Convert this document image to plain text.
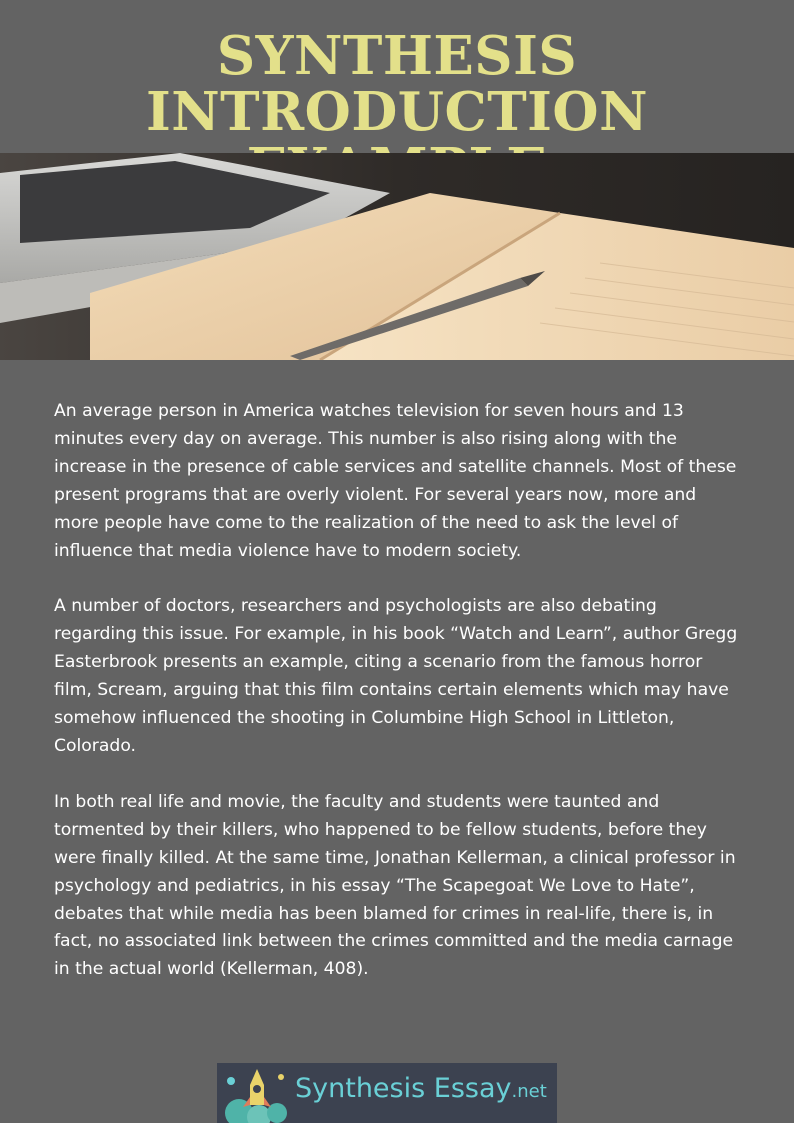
SYNTHESIS INTRODUCTION

An average person in America watches television for seven hours and 13 minutes every day on average. This number is also rising along with the increase in the presence of cable services and satellite channels. Most of these present programs that are overly violent. For several years now, more and more people have come to the realization of the need to ask the level of influence that media violence have to modern society.

A number of doctors, researchers and psychologists are also debating regarding this issue. For example, in his book “Watch and Learn”, author Gregg Easterbrook presents an example, citing a scenario from the famous horror film, Scream, arguing that this film contains certain elements which may have somehow influenced the shooting in Columbine High School in Littleton, Colorado.

In both real life and movie, the faculty and students were taunted and tormented by their killers, who happened to be fellow students, before they were finally killed. At the same time, Jonathan Kellerman, a clinical professor in psychology and pediatrics, in his essay “The Scapegoat We Love to Hate”, debates that while media has been blamed for crimes in real-life, there is, in fact, no associated link between the crimes committed and the media carnage in the actual world (Kellerman, 408).

Synthesis Essay.net
